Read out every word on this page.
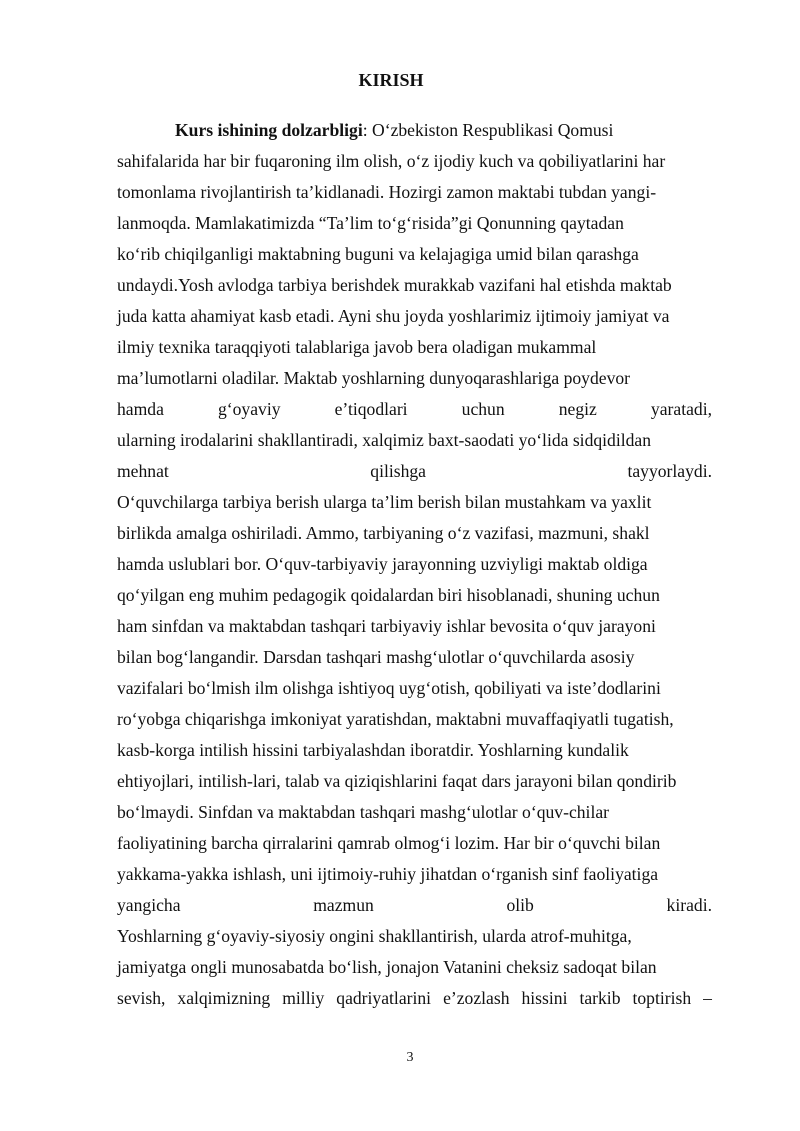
KIRISH
Kurs ishining dolzarbligi: O‘zbekiston Respublikasi Qomusi
sahifalarida har bir fuqaroning ilm olish, o‘z ijodiy kuch va qobiliyatlarini har
tomonlama rivojlantirish ta’kidlanadi. Hozirgi zamon maktabi tubdan yangi-
lanmoqda. Mamlakatimizda “Ta’lim to‘g‘risida”gi Qonunning qaytadan
ko‘rib chiqilganligi maktabning buguni va kelajagiga umid bilan qarashga
undaydi.Yosh avlodga tarbiya berishdek murakkab vazifani hal etishda maktab
juda katta ahamiyat kasb etadi. Ayni shu joyda yoshlarimiz ijtimoiy jamiyat va
ilmiy texnika taraqqiyoti talablariga javob bera oladigan mukammal
ma’lumotlarni oladilar. Maktab yoshlarning dunyoqarashlariga poydevor
hamda	g‘oyaviy	e’tiqodlari	uchun	negiz	yaratadi,
ularning irodalarini shakllantiradi, xalqimiz baxt-saodati yo‘lida sidqidildan
mehnat	qilishga	tayyorlaydi.
O‘quvchilarga tarbiya berish ularga ta’lim berish bilan mustahkam va yaxlit
birlikda amalga oshiriladi. Ammo, tarbiyaning o‘z vazifasi, mazmuni, shakl
hamda uslublari bor. O‘quv-tarbiyaviy jarayonning uzviyligi maktab oldiga
qo‘yilgan eng muhim pedagogik qoidalardan biri hisoblanadi, shuning uchun
ham sinfdan va maktabdan tashqari tarbiyaviy ishlar bevosita o‘quv jarayoni
bilan bog‘langandir. Darsdan tashqari mashg‘ulotlar o‘quvchilarda asosiy
vazifalari bo‘lmish ilm olishga ishtiyoq uyg‘otish, qobiliyati va iste’dodlarini
ro‘yobga chiqarishga imkoniyat yaratishdan, maktabni muvaffaqiyatli tugatish,
kasb-korga intilish hissini tarbiyalashdan iboratdir. Yoshlarning kundalik
ehtiyojlari, intilish-lari, talab va qiziqishlarini faqat dars jarayoni bilan qondirib
bo‘lmaydi. Sinfdan va maktabdan tashqari mashg‘ulotlar o‘quv-chilar
faoliyatining barcha qirralarini qamrab olmog‘i lozim. Har bir o‘quvchi bilan
yakkama-yakka ishlash, uni ijtimoiy-ruhiy jihatdan o‘rganish sinf faoliyatiga
yangicha	mazmun	olib	kiradi.
Yoshlarning g‘oyaviy-siyosiy ongini shakllantirish, ularda atrof-muhitga,
jamiyatga ongli munosabatda bo‘lish, jonajon Vatanini cheksiz sadoqat bilan
sevish, xalqimizning milliy qadriyatlarini e’zozlash hissini tarkib toptirish –
3
